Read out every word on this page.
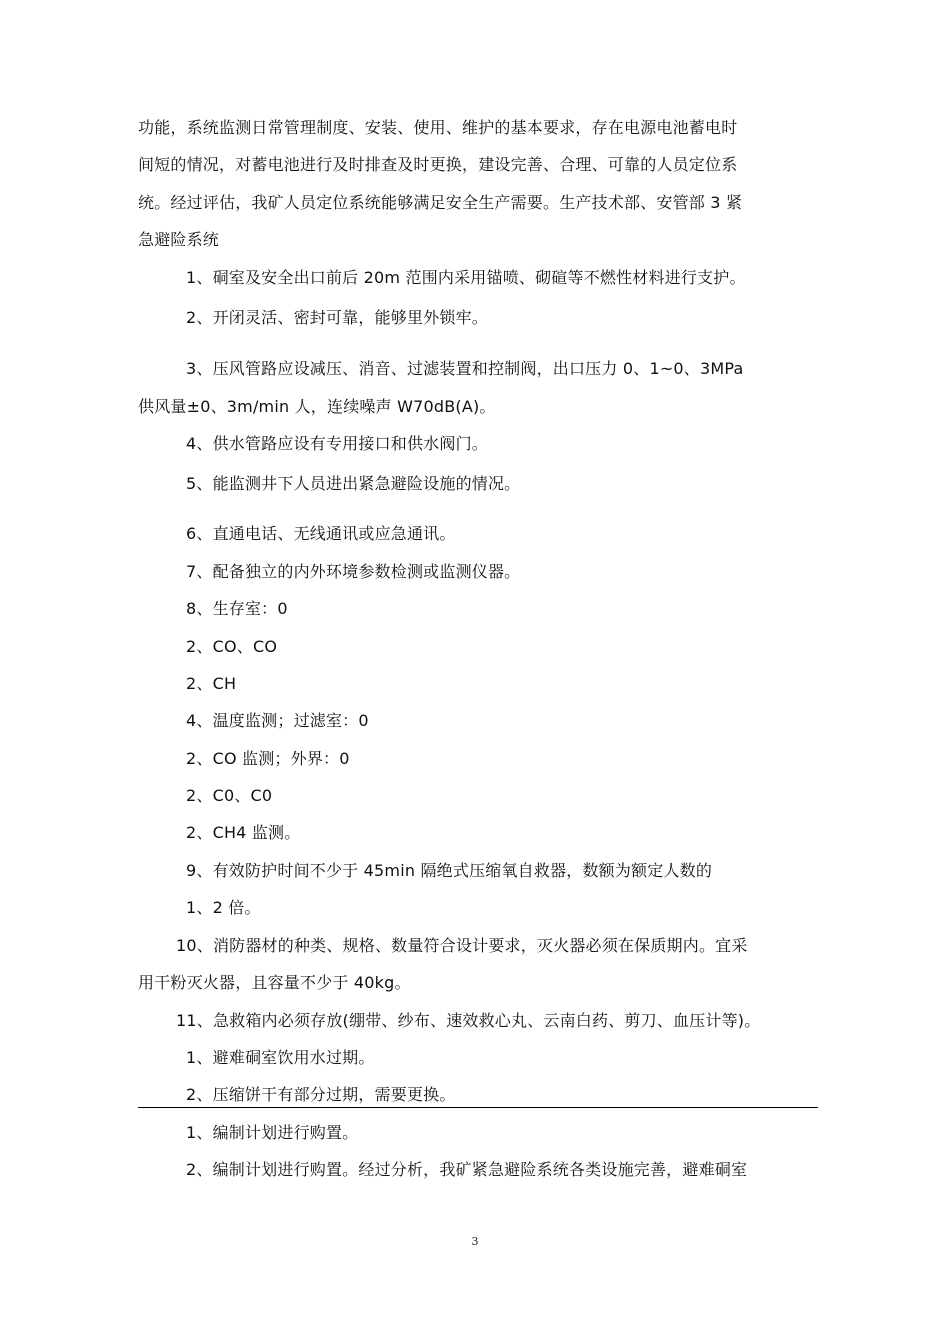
功能，系统监测日常管理制度、安装、使用、维护的基本要求，存在电源电池蓄电时
间短的情况，对蓄电池进行及时排查及时更换，建设完善、合理、可靠的人员定位系
统。经过评估，我矿人员定位系统能够满足安全生产需要。生产技术部、安管部 3 紧
急避险系统
1、硐室及安全出口前后 20m 范围内采用锚喷、砌碹等不燃性材料进行支护。
2、开闭灵活、密封可靠，能够里外锁牢。
3、压风管路应设减压、消音、过滤装置和控制阀，出口压力 0、1~0、3MPa
供风量±0、3m/min 人，连续噪声 W70dB(A)。
4、供水管路应设有专用接口和供水阀门。
5、能监测井下人员进出紧急避险设施的情况。
6、直通电话、无线通讯或应急通讯。
7、配备独立的内外环境参数检测或监测仪器。
8、生存室：0
2、CO、CO
2、CH
4、温度监测；过滤室：0
2、CO 监测；外界：0
2、C0、C0
2、CH4 监测。
9、有效防护时间不少于 45min 隔绝式压缩氧自救器，数额为额定人数的
1、2 倍。
10、消防器材的种类、规格、数量符合设计要求，灭火器必须在保质期内。宜采
用干粉灭火器，且容量不少于 40kg。
11、急救箱内必须存放(绷带、纱布、速效救心丸、云南白药、剪刀、血压计等)。
1、避难硐室饮用水过期。
2、压缩饼干有部分过期，需要更换。
1、编制计划进行购置。
2、编制计划进行购置。经过分析，我矿紧急避险系统各类设施完善，避难硐室
3
